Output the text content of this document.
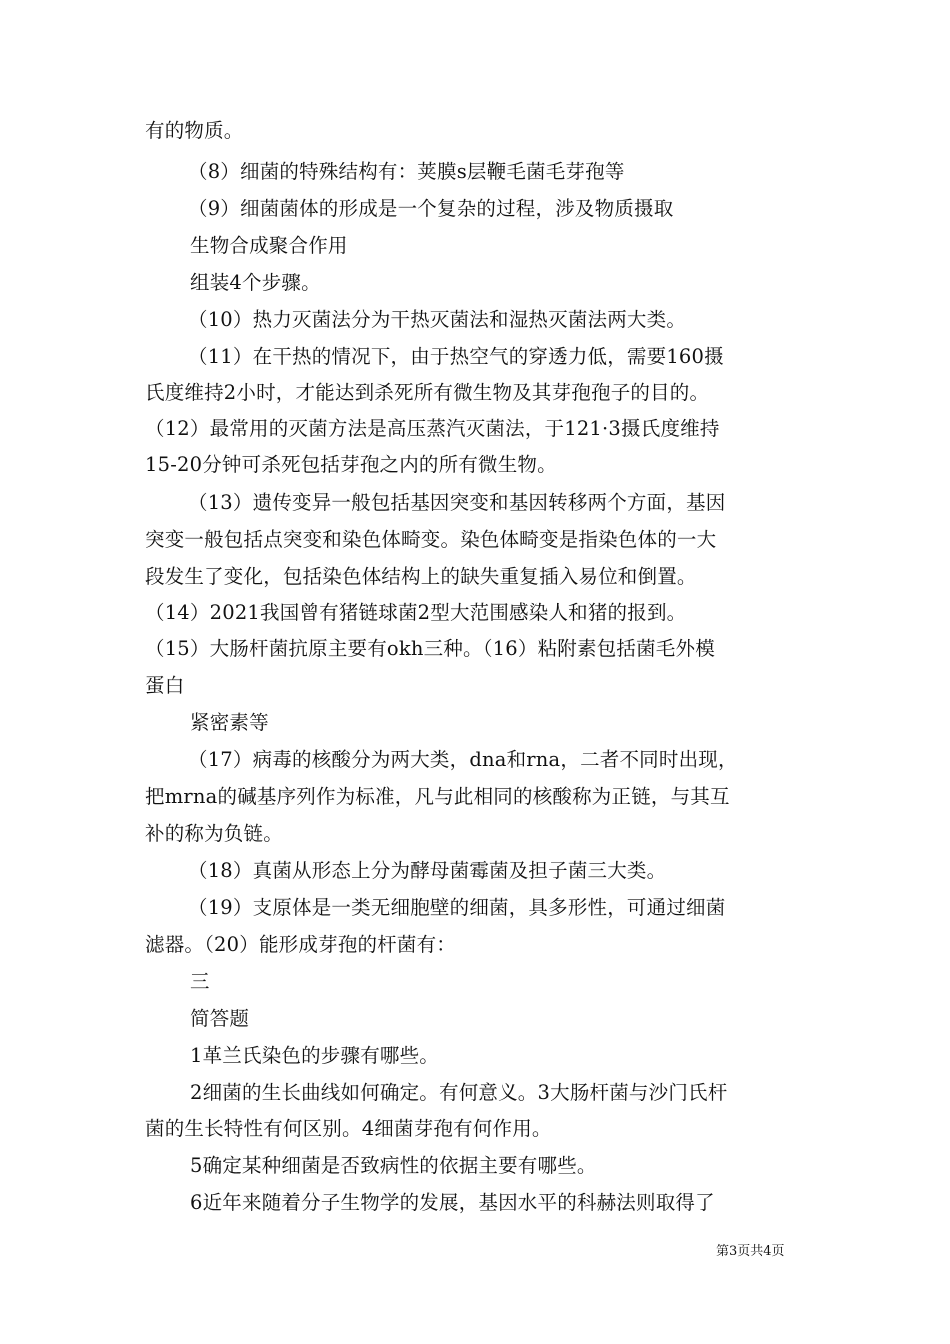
有的物质。
（8）细菌的特殊结构有：荚膜s层鞭毛菌毛芽孢等
（9）细菌菌体的形成是一个复杂的过程，涉及物质摄取
生物合成聚合作用
组装4个步骤。
（10）热力灭菌法分为干热灭菌法和湿热灭菌法两大类。
（11）在干热的情况下，由于热空气的穿透力低，需要160摄
氏度维持2小时，才能达到杀死所有微生物及其芽孢孢子的目的。
（12）最常用的灭菌方法是高压蒸汽灭菌法，于121·3摄氏度维持
15-20分钟可杀死包括芽孢之内的所有微生物。
（13）遗传变异一般包括基因突变和基因转移两个方面，基因
突变一般包括点突变和染色体畸变。染色体畸变是指染色体的一大
段发生了变化，包括染色体结构上的缺失重复插入易位和倒置。
（14）2021我国曾有猪链球菌2型大范围感染人和猪的报到。
（15）大肠杆菌抗原主要有okh三种。（16）粘附素包括菌毛外模
蛋白
紧密素等
（17）病毒的核酸分为两大类，dna和rna，二者不同时出现，
把mrna的碱基序列作为标准，凡与此相同的核酸称为正链，与其互
补的称为负链。
（18）真菌从形态上分为酵母菌霉菌及担子菌三大类。
（19）支原体是一类无细胞壁的细菌，具多形性，可通过细菌
滤器。（20）能形成芽孢的杆菌有：
三
简答题
1革兰氏染色的步骤有哪些。
2细菌的生长曲线如何确定。有何意义。3大肠杆菌与沙门氏杆
菌的生长特性有何区别。4细菌芽孢有何作用。
5确定某种细菌是否致病性的依据主要有哪些。
6近年来随着分子生物学的发展，基因水平的科赫法则取得了
第3页共4页
